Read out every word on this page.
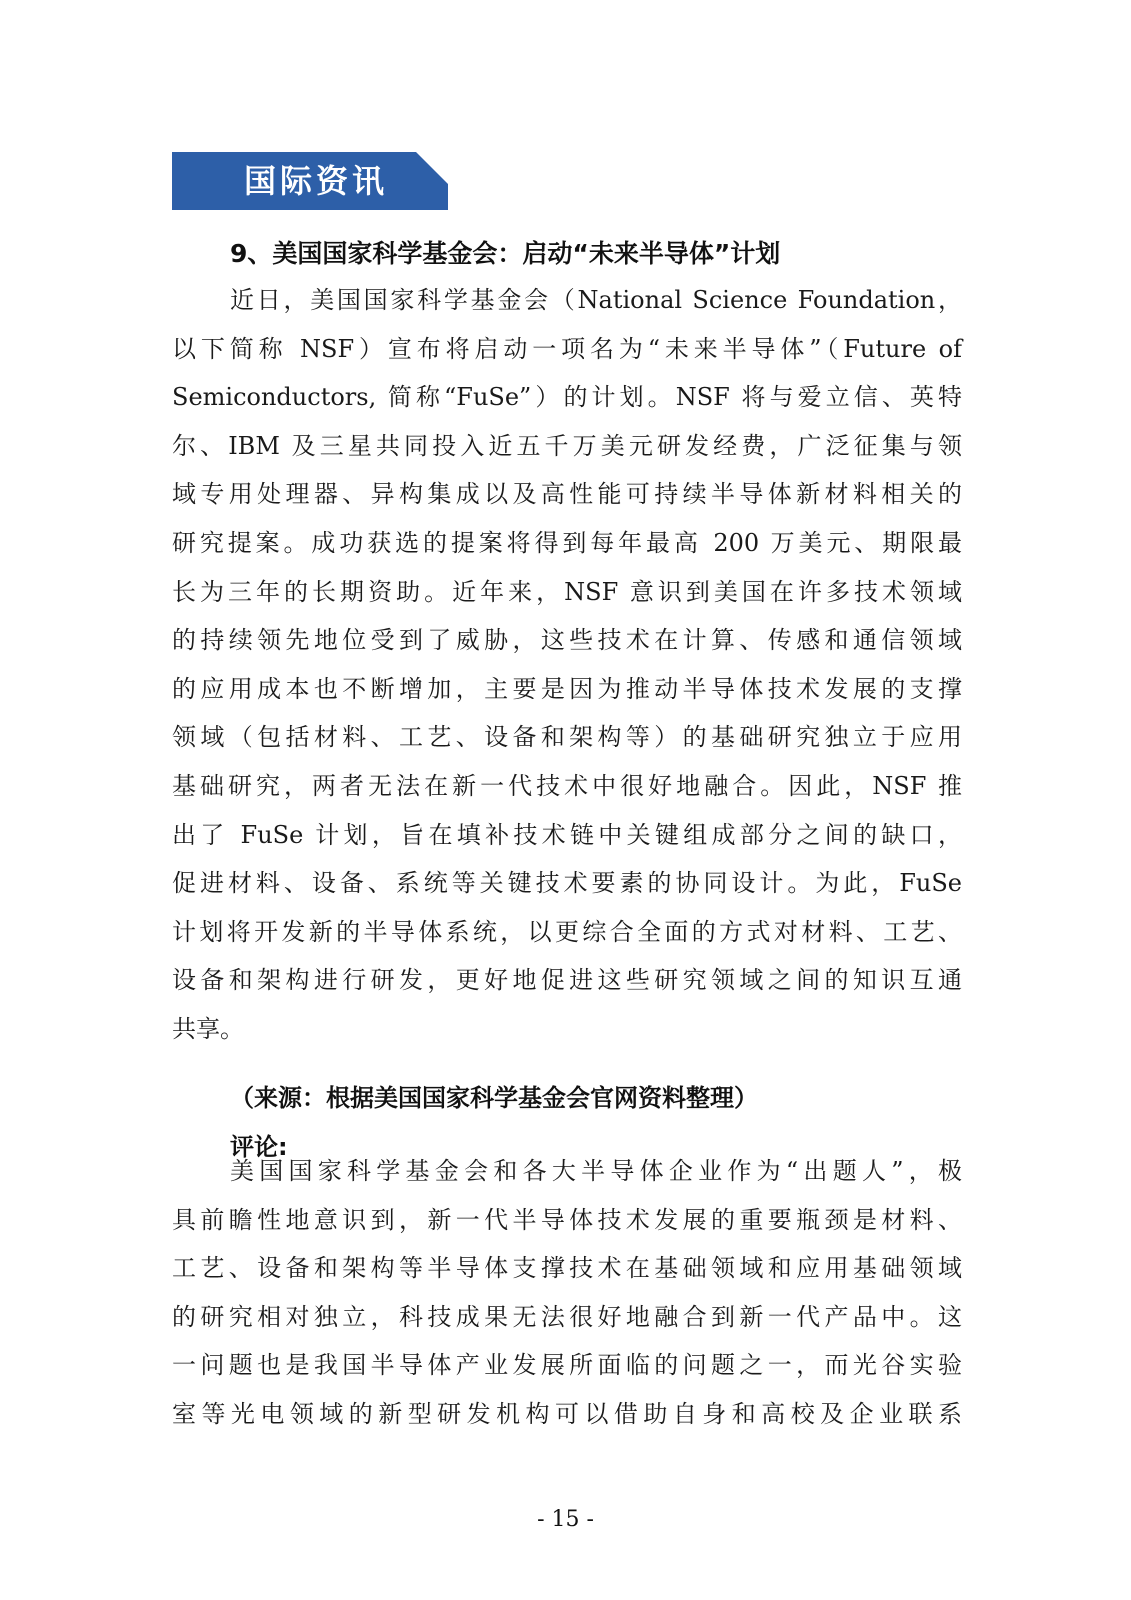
国际资讯
9、美国国家科学基金会：启动“未来半导体”计划
近日，美国国家科学基金会（National Science Foundation，
以下简称 NSF）宣布将启动一项名为“未来半导体”（Future of
Semiconductors, 简称“FuSe”）的计划。NSF 将与爱立信、英特
尔、IBM 及三星共同投入近五千万美元研发经费，广泛征集与领
域专用处理器、异构集成以及高性能可持续半导体新材料相关的
研究提案。成功获选的提案将得到每年最高 200 万美元、期限最
长为三年的长期资助。近年来，NSF 意识到美国在许多技术领域
的持续领先地位受到了威胁，这些技术在计算、传感和通信领域
的应用成本也不断增加，主要是因为推动半导体技术发展的支撑
领域（包括材料、工艺、设备和架构等）的基础研究独立于应用
基础研究，两者无法在新一代技术中很好地融合。因此，NSF 推
出了 FuSe 计划，旨在填补技术链中关键组成部分之间的缺口，
促进材料、设备、系统等关键技术要素的协同设计。为此，FuSe
计划将开发新的半导体系统，以更综合全面的方式对材料、工艺、
设备和架构进行研发，更好地促进这些研究领域之间的知识互通
共享。
（来源：根据美国国家科学基金会官网资料整理）
评论:
美国国家科学基金会和各大半导体企业作为“出题人”，极
具前瞻性地意识到，新一代半导体技术发展的重要瓶颈是材料、
工艺、设备和架构等半导体支撑技术在基础领域和应用基础领域
的研究相对独立，科技成果无法很好地融合到新一代产品中。这
一问题也是我国半导体产业发展所面临的问题之一，而光谷实验
室等光电领域的新型研发机构可以借助自身和高校及企业联系
- 15 -
